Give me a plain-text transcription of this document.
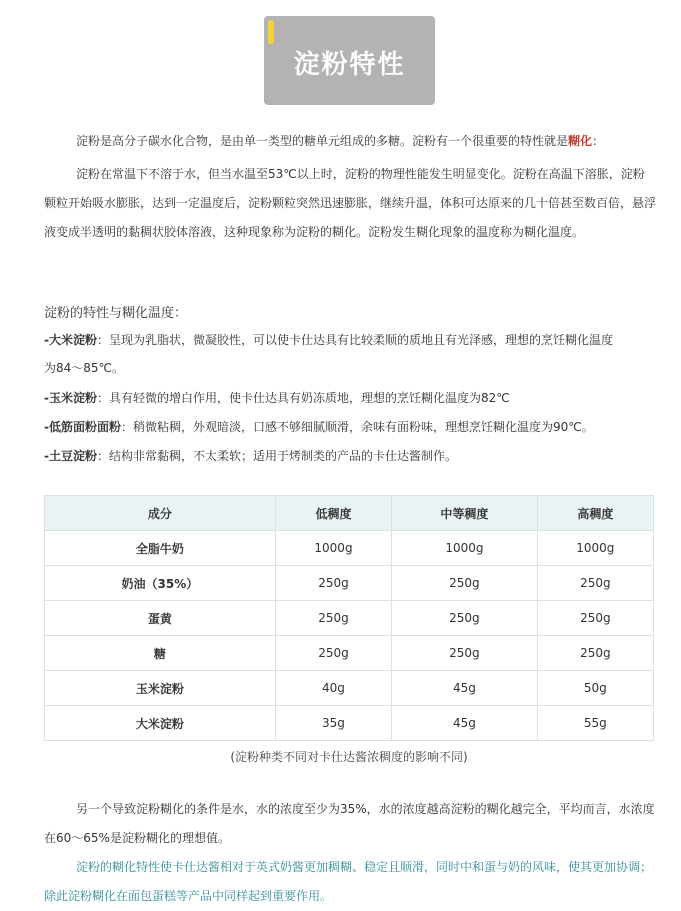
淀粉特性
淀粉是高分子碳水化合物，是由单一类型的糖单元组成的多糖。淀粉有一个很重要的特性就是糊化：
淀粉在常温下不溶于水，但当水温至53℃以上时，淀粉的物理性能发生明显变化。淀粉在高温下溶胀，淀粉颗粒开始吸水膨胀，达到一定温度后，淀粉颗粒突然迅速膨胀，继续升温，体积可达原来的几十倍甚至数百倍，悬浮液变成半透明的黏稠状胶体溶液，这种现象称为淀粉的糊化。淀粉发生糊化现象的温度称为糊化温度。
淀粉的特性与糊化温度：
-大米淀粉：呈现为乳脂状，微凝胶性，可以使卡仕达具有比较柔顺的质地且有光泽感，理想的烹饪糊化温度
为84～85℃。
-玉米淀粉：具有轻微的增白作用，使卡仕达具有奶冻质地，理想的烹饪糊化温度为82℃
-低筋面粉面粉：稍微粘稠，外观暗淡，口感不够细腻顺滑，余味有面粉味，理想烹饪糊化温度为90℃。
-土豆淀粉：结构非常黏稠，不太柔软；适用于烤制类的产品的卡仕达酱制作。
成分	低稠度	中等稠度	高稠度
全脂牛奶	1000g	1000g	1000g
奶油（35%）	250g	250g	250g
蛋黄	250g	250g	250g
糖	250g	250g	250g
玉米淀粉	40g	45g	50g
大米淀粉	35g	45g	55g
(淀粉种类不同对卡仕达酱浓稠度的影响不同)
另一个导致淀粉糊化的条件是水，水的浓度至少为35%，水的浓度越高淀粉的糊化越完全，平均而言，水浓度在60～65%是淀粉糊化的理想值。
淀粉的糊化特性使卡仕达酱相对于英式奶酱更加稠糊、稳定且顺滑，同时中和蛋与奶的风味，使其更加协调；除此淀粉糊化在面包蛋糕等产品中同样起到重要作用。
